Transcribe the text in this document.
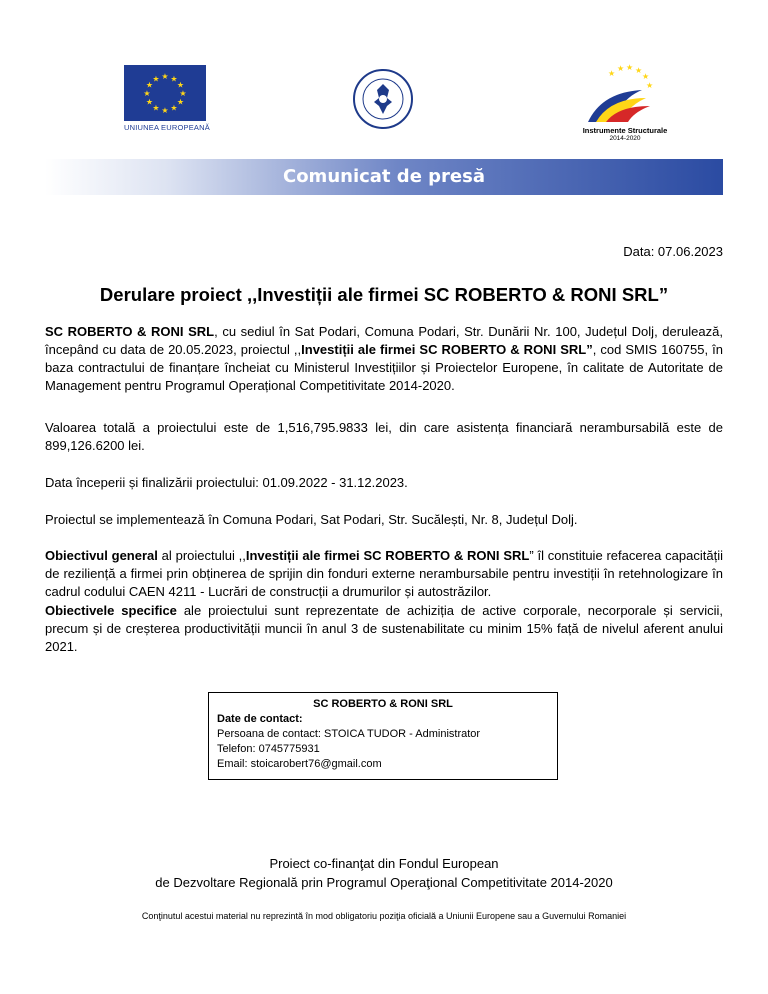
★ ★
★
★
★
★
★
★
★
★
★
★
UNIUNEA EUROPEANĂ
★
★ ★ ★
★
★
Instrumente Structurale
2014-2020
Comunicat de presă
Data: 07.06.2023
Derulare proiect ,,Investiții ale firmei SC ROBERTO & RONI SRL”

SC ROBERTO & RONI SRL, cu sediul în Sat Podari, Comuna Podari, Str. Dunării Nr. 100, Județul Dolj, derulează, începând cu data de 20.05.2023, proiectul ,,Investiții ale firmei SC ROBERTO & RONI SRL”, cod SMIS 160755, în baza contractului de finanțare încheiat cu Ministerul Investițiilor și Proiectelor Europene, în calitate de Autoritate de Management pentru Programul Operațional Competitivitate 2014-2020.

Valoarea totală a proiectului este de 1,516,795.9833 lei, din care asistența financiară nerambursabilă este de 899,126.6200 lei.

Data începerii și finalizării proiectului: 01.09.2022 - 31.12.2023.

Proiectul se implementează în Comuna Podari, Sat Podari, Str. Sucălești, Nr. 8, Județul Dolj.

Obiectivul general al proiectului ,,Investiții ale firmei SC ROBERTO & RONI SRL” îl constituie refacerea capacității de reziliență a firmei prin obținerea de sprijin din fonduri externe nerambursabile pentru investiții în retehnologizare în cadrul codului CAEN 4211 - Lucrări de construcții a drumurilor și autostrăzilor.

Obiectivele specifice ale proiectului sunt reprezentate de achiziția de active corporale, necorporale și servicii, precum și de creșterea productivității muncii în anul 3 de sustenabilitate cu minim 15% față de nivelul aferent anului 2021.

SC ROBERTO & RONI SRL
Date de contact:
Persoana de contact: STOICA TUDOR - Administrator
Telefon: 0745775931
Email: stoicarobert76@gmail.com
Proiect co-finanţat din Fondul European
de Dezvoltare Regională prin Programul Operaţional Competitivitate 2014-2020
Conţinutul acestui material nu reprezintă în mod obligatoriu poziţia oficială a Uniunii Europene sau a Guvernului Romaniei
